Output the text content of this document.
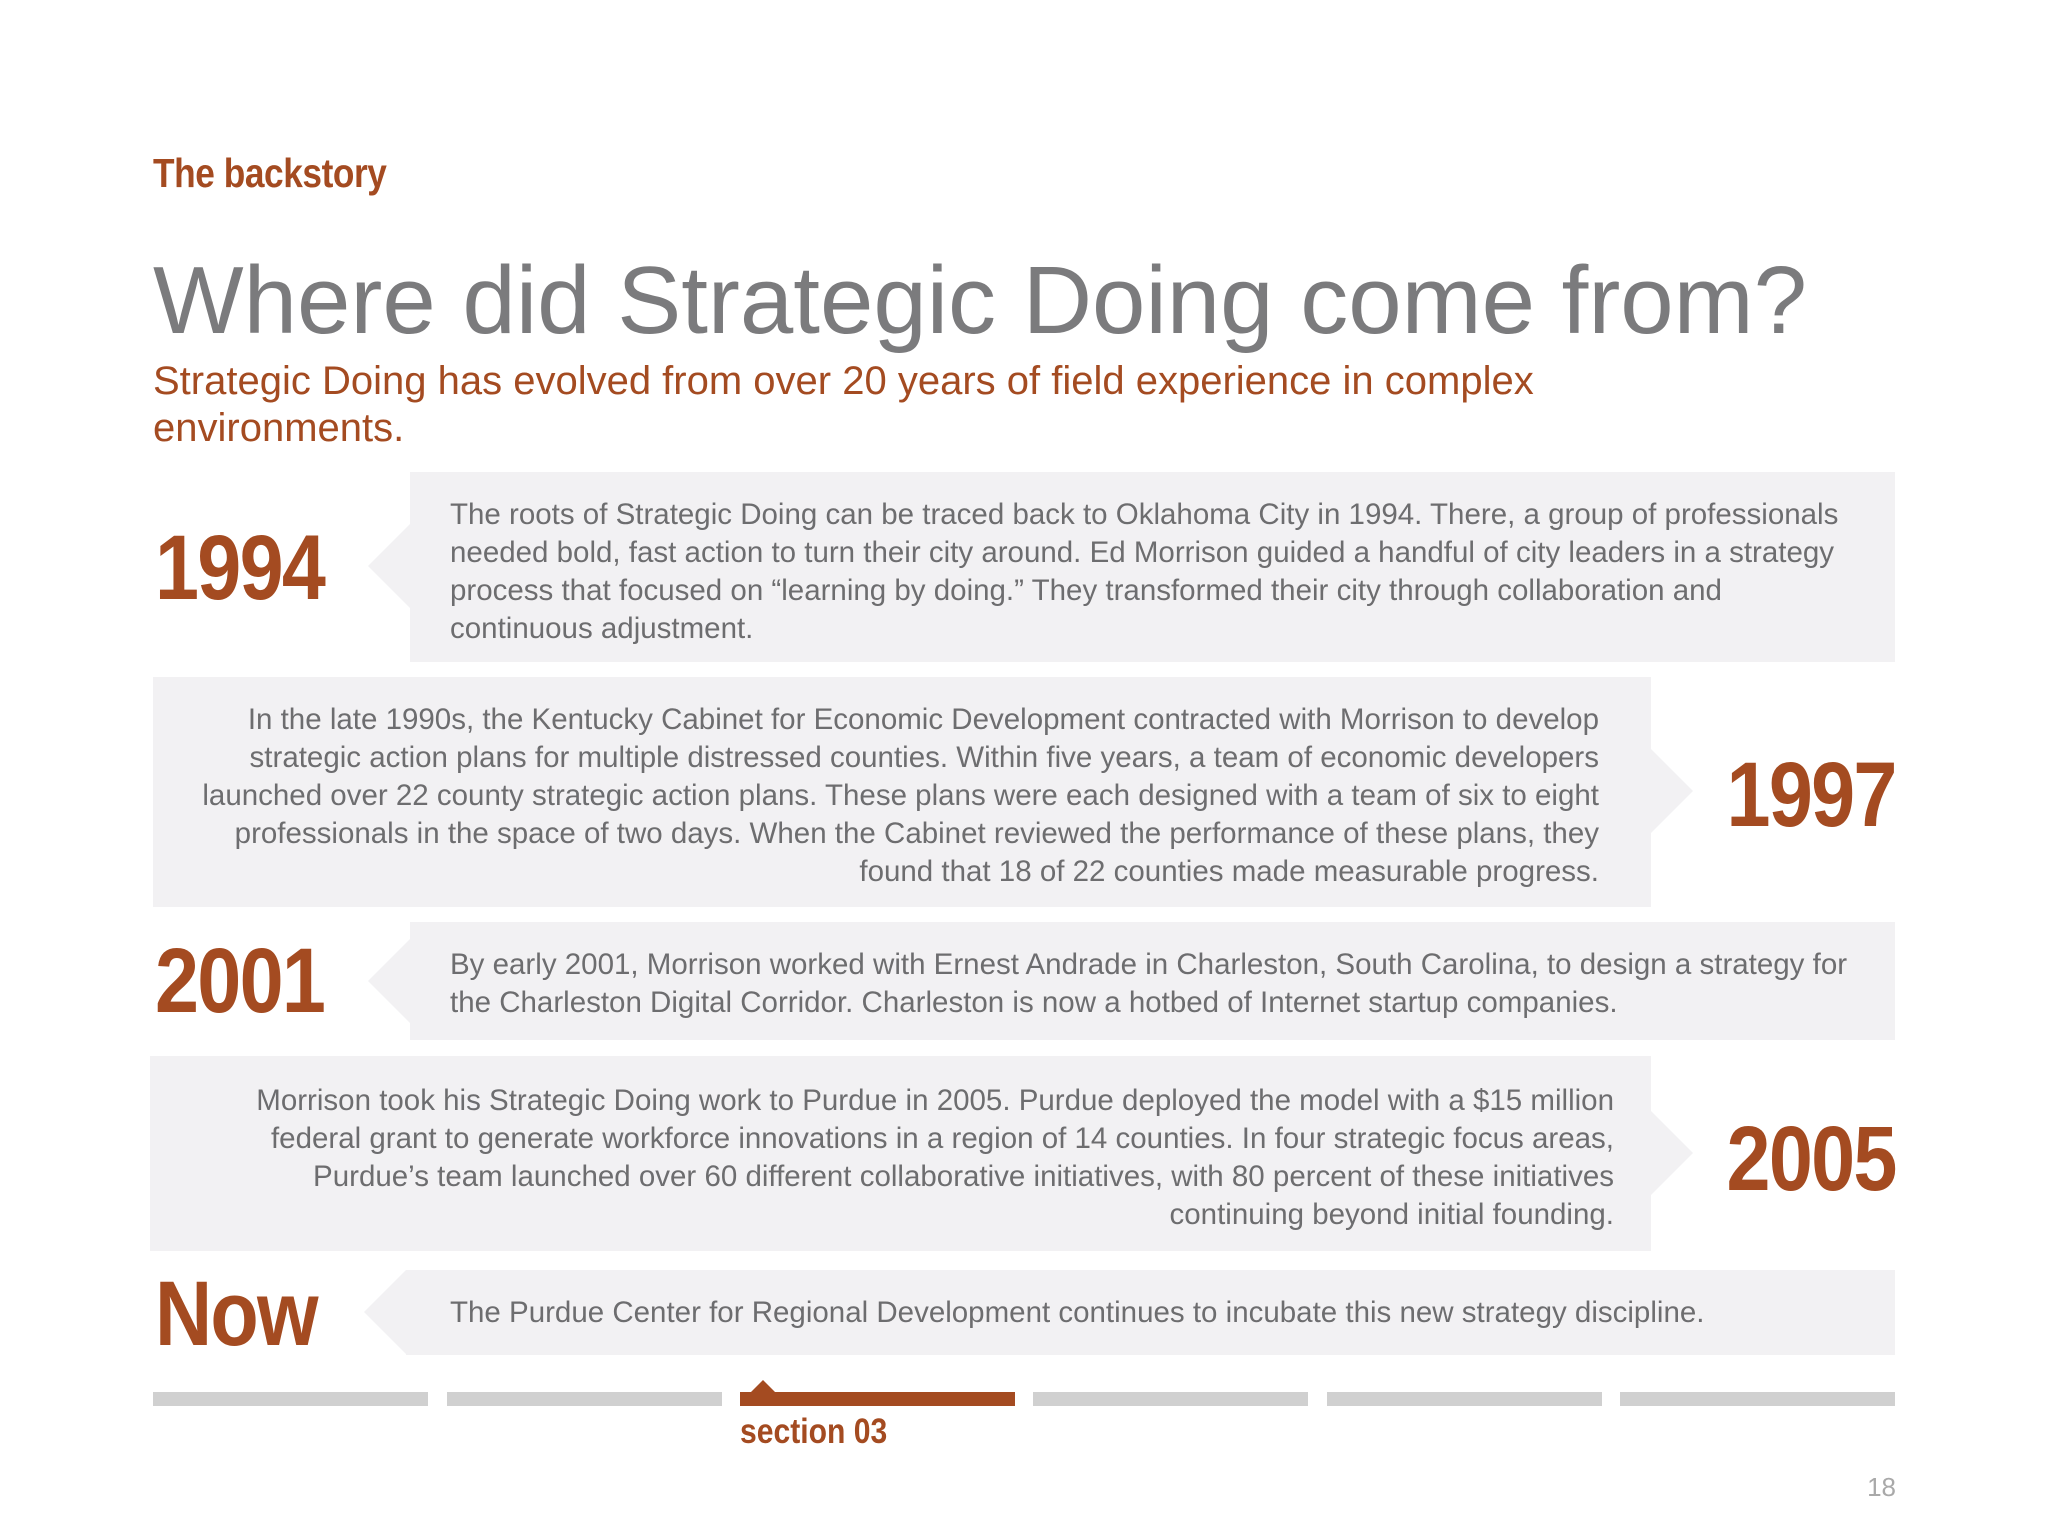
The backstory
Where did Strategic Doing come from?
Strategic Doing has evolved from over 20 years of field experience in complex environments.
1994
The roots of Strategic Doing can be traced back to Oklahoma City in 1994. There, a group of professionals needed bold, fast action to turn their city around. Ed Morrison guided a handful of city leaders in a strategy process that focused on “learning by doing.” They transformed their city through collaboration and continuous adjustment.
In the late 1990s, the Kentucky Cabinet for Economic Development contracted with Morrison to develop strategic action plans for multiple distressed counties. Within five years, a team of economic developers launched over 22 county strategic action plans. These plans were each designed with a team of six to eight professionals in the space of two days. When the Cabinet reviewed the performance of these plans, they found that 18 of 22 counties made measurable progress.
1997
2001	By early 2001, Morrison worked with Ernest Andrade in Charleston, South Carolina, to design a strategy for the Charleston Digital Corridor. Charleston is now a hotbed of Internet startup companies.
Morrison took his Strategic Doing work to Purdue in 2005. Purdue deployed the model with a $15 million federal grant to generate workforce innovations in a region of 14 counties. In four strategic focus areas, Purdue’s team launched over 60 different collaborative initiatives, with 80 percent of these initiatives continuing beyond initial founding.
2005
Now	The Purdue Center for Regional Development continues to incubate this new strategy discipline.
section 03
18
